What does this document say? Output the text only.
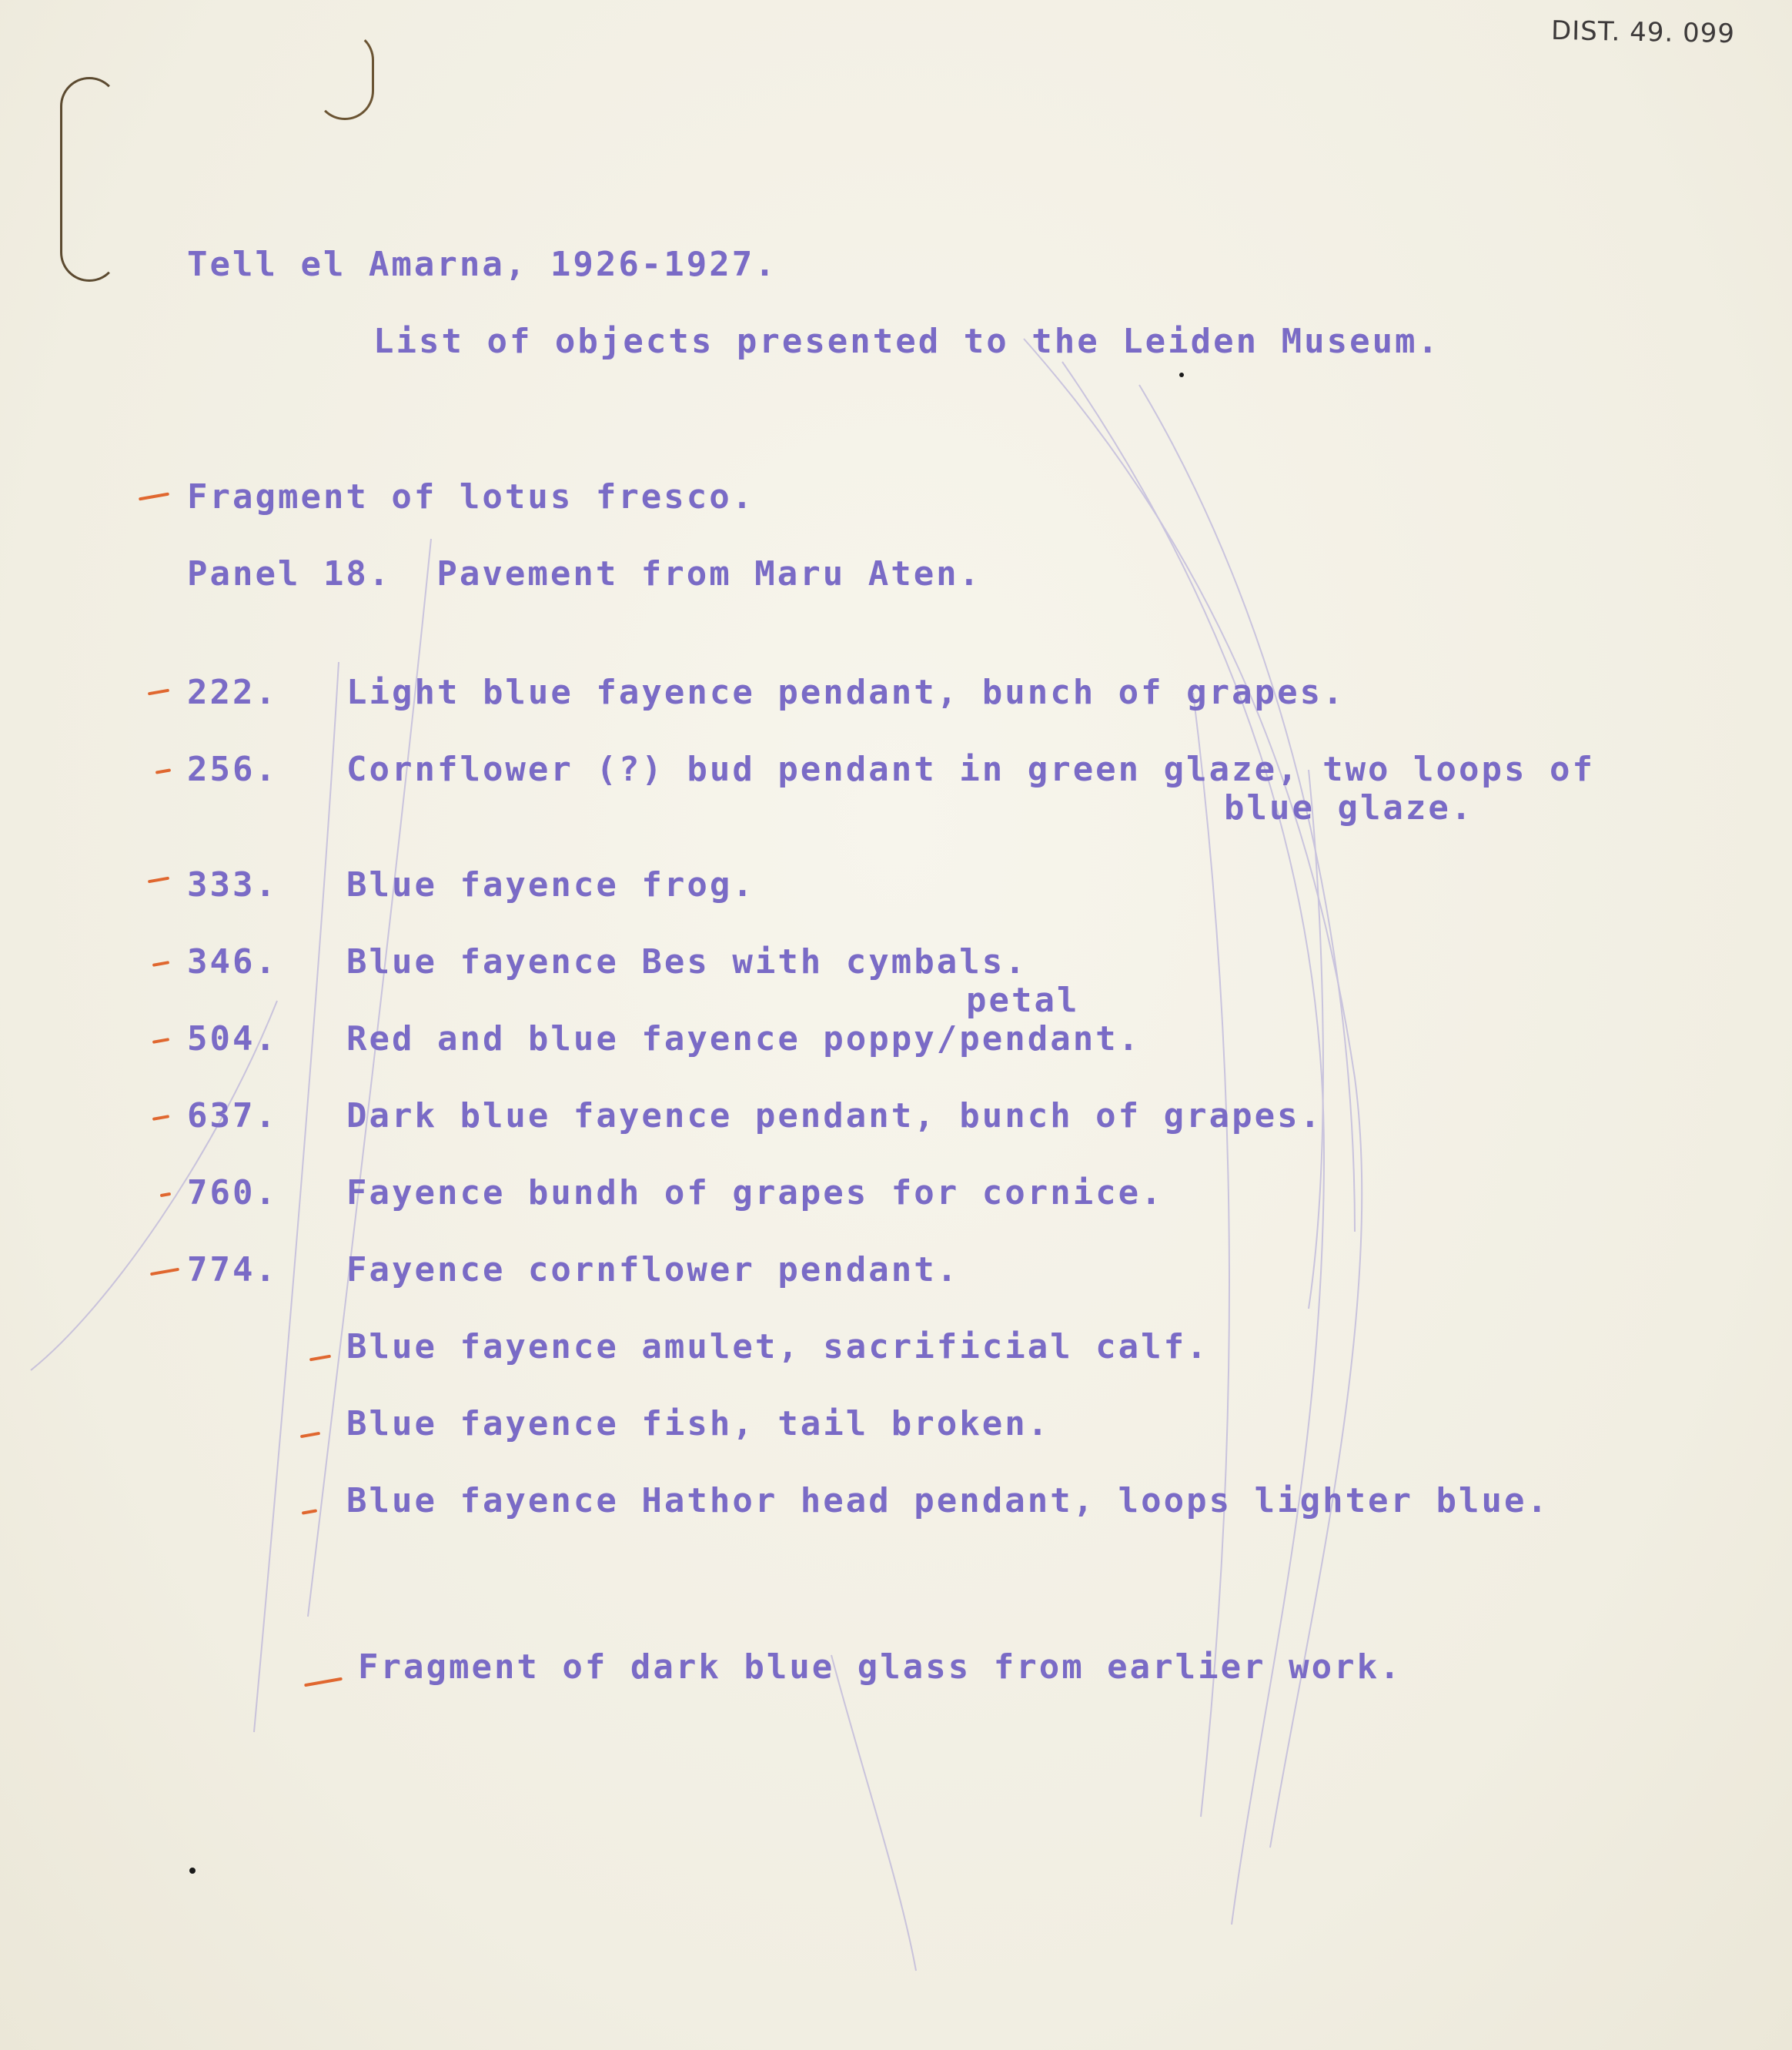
DIST. 49. 099
Tell el Amarna, 1926-1927.
List of objects presented to the Leiden Museum.
Fragment of lotus fresco.
Panel 18.  Pavement from Maru Aten.
222. Light blue fayence pendant, bunch of grapes.
256. Cornflower (?) bud pendant in green glaze, two loops of
blue glaze.
333. Blue fayence frog.
346. Blue fayence Bes with cymbals.
petal
504. Red and blue fayence poppy/pendant.
637. Dark blue fayence pendant, bunch of grapes.
760. Fayence bundh of grapes for cornice.
774. Fayence cornflower pendant.
Blue fayence amulet, sacrificial calf.
Blue fayence fish, tail broken.
Blue fayence Hathor head pendant, loops lighter blue.
Fragment of dark blue glass from earlier work.
